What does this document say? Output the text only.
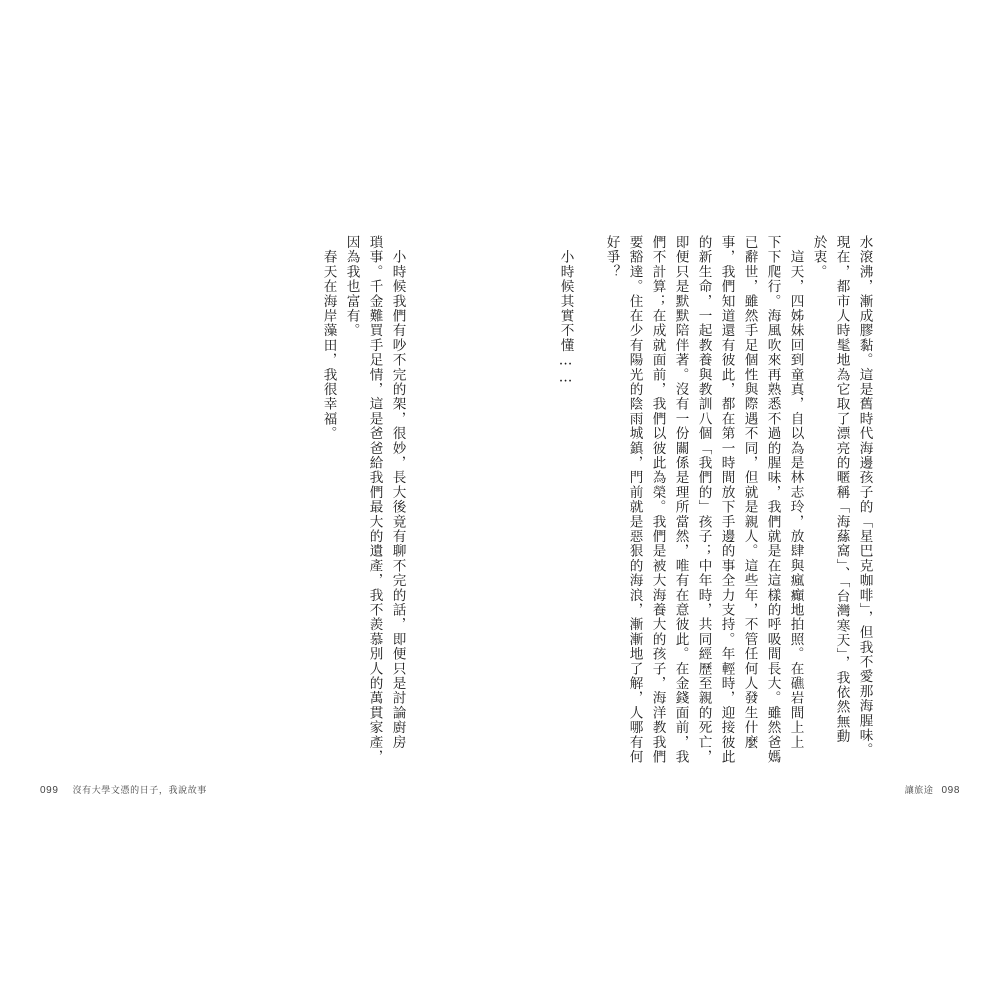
水滾沸，漸成膠黏。這是舊時代海邊孩子的「星巴克咖啡」，但我不愛那海腥味。

現在，都市人時髦地為它取了漂亮的暱稱「海蕬窩」、「台灣寒天」，我依然無動

於衷。

　這天，四姊妹回到童真，自以為是林志玲，放肆與瘋癲地拍照。在礁岩間上上

下下爬行。海風吹來再熟悉不過的腥味，我們就是在這樣的呼吸間長大。雖然爸媽

已辭世，雖然手足個性與際遇不同，但就是親人。這些年，不管任何人發生什麼

事，我們知道還有彼此，都在第一時間放下手邊的事全力支持。年輕時，迎接彼此

的新生命，一起教養與教訓八個「我們的」孩子；中年時，共同經歷至親的死亡，

即便只是默默陪伴著。沒有一份關係是理所當然，唯有在意彼此。在金錢面前，我

們不計算；在成就面前，我們以彼此為榮。我們是被大海養大的孩子，海洋教我們

要豁達。住在少有陽光的陰雨城鎮，門前就是惡狠的海浪，漸漸地了解，人哪有何

好爭？

　小時候其實不懂……

　小時候我們有吵不完的架，很妙，長大後竟有聊不完的話，即便只是討論廚房

瑣事。千金難買手足情，這是爸爸給我們最大的遺產，我不羨慕別人的萬貫家產，

因為我也富有。

　春天在海岸藻田，我很幸福。

099 沒有大學文憑的日子，我說故事	讓旅途 098
